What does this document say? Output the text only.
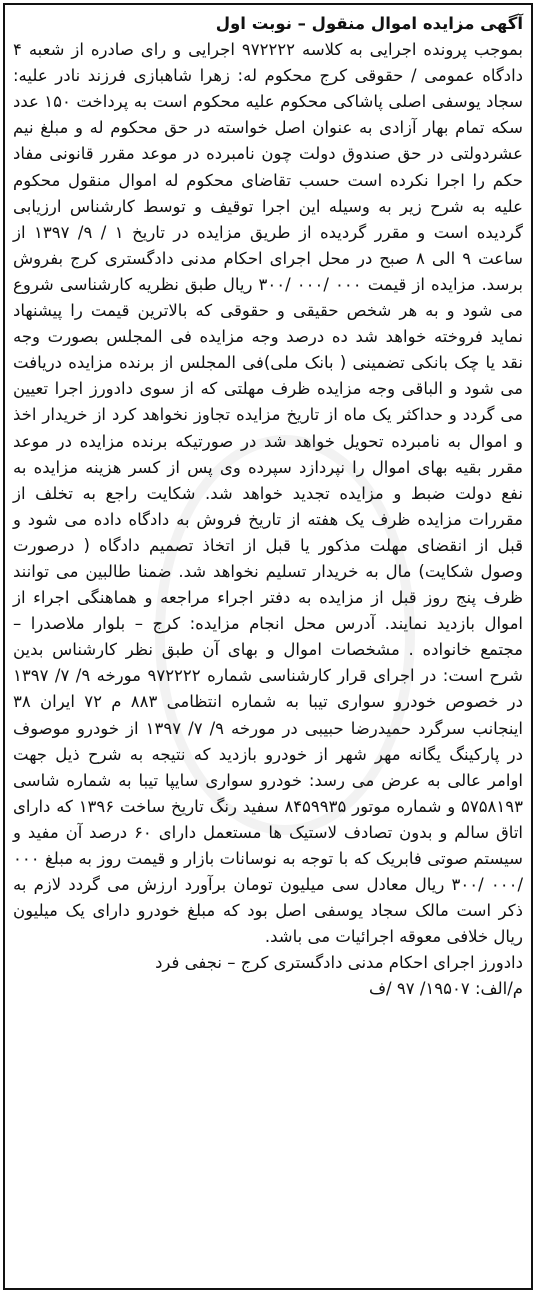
آگهی مزایده اموال منقول – نوبت اول
بموجب پرونده اجرایی به کلاسه ۹۷۲۲۲۲ اجرایی و رای صادره از شعبه ۴ دادگاه عمومی / حقوقی کرج محکوم له: زهرا شاهبازی فرزند نادر علیه: سجاد یوسفی اصلی پاشاکی محکوم علیه محکوم است به پرداخت ۱۵۰ عدد سکه تمام بهار آزادی به عنوان اصل خواسته در حق محکوم له و مبلغ نیم عشردولتی در حق صندوق دولت چون نامبرده در موعد مقرر قانونی مفاد حکم را اجرا نکرده است حسب تقاضای محکوم له اموال منقول محکوم علیه به شرح زیر به وسیله این اجرا توقیف و توسط کارشناس ارزیابی گردیده است و مقرر گردیده از طریق مزایده در تاریخ ۱ / ۹/ ۱۳۹۷ از ساعت ۹ الی ۸ صبح در محل اجرای احکام مدنی دادگستری کرج بفروش برسد. مزایده از قیمت ۰۰۰ /۰۰۰ /۳۰۰ ریال طبق نظریه کارشناسی شروع می شود و به هر شخص حقیقی و حقوقی که بالاترین قیمت را پیشنهاد نماید فروخته خواهد شد ده درصد وجه مزایده فی المجلس بصورت وجه نقد یا چک بانکی تضمینی ( بانک ملی)فی المجلس از برنده مزایده دریافت می شود و الباقی وجه مزایده ظرف مهلتی که از سوی دادورز اجرا تعیین می گردد و حداکثر یک ماه از تاریخ مزایده تجاوز نخواهد کرد از خریدار اخذ و اموال به نامبرده تحویل خواهد شد در صورتیکه برنده مزایده در موعد مقرر بقیه بهای اموال را نپردازد سپرده وی پس از کسر هزینه مزایده به نفع دولت ضبط و مزایده تجدید خواهد شد. شکایت راجع به تخلف از مقررات مزایده ظرف یک هفته از تاریخ فروش به دادگاه داده می شود و قبل از انقضای مهلت مذکور یا قبل از اتخاذ تصمیم دادگاه ( درصورت وصول شکایت) مال به خریدار تسلیم نخواهد شد. ضمنا طالبین می توانند ظرف پنج روز قبل از مزایده به دفتر اجراء مراجعه و هماهنگی اجراء از اموال بازدید نمایند. آدرس محل انجام مزایده: کرج – بلوار ملاصدرا – مجتمع خانواده . مشخصات اموال و بهای آن طبق نظر کارشناس بدین شرح است: در اجرای قرار کارشناسی شماره ۹۷۲۲۲۲ مورخه ۹/ ۷/ ۱۳۹۷ در خصوص خودرو سواری تیبا به شماره انتظامی ۸۸۳ م ۷۲ ایران ۳۸ اینجانب سرگرد حمیدرضا حبیبی در مورخه ۹/ ۷/ ۱۳۹۷ از خودرو موصوف در پارکینگ یگانه مهر شهر از خودرو بازدید که نتیجه به شرح ذیل جهت اوامر عالی به عرض می رسد: خودرو سواری سایپا تیبا به شماره شاسی ۵۷۵۸۱۹۳ و شماره موتور ۸۴۵۹۹۳۵ سفید رنگ تاریخ ساخت ۱۳۹۶ که دارای اتاق سالم و بدون تصادف لاستیک ها مستعمل دارای ۶۰ درصد آن مفید و سیستم صوتی فابریک که با توجه به نوسانات بازار و قیمت روز به مبلغ ۰۰۰ /۰۰۰ /۳۰۰ ریال معادل سی میلیون تومان برآورد ارزش می گردد لازم به ذکر است مالک سجاد یوسفی اصل بود که مبلغ خودرو دارای یک میلیون ریال خلافی معوقه اجرائیات می باشد.
دادورز اجرای احکام مدنی دادگستری کرج – نجفی فرد
م/الف: ۱۹۵۰۷/ ۹۷ /ف
